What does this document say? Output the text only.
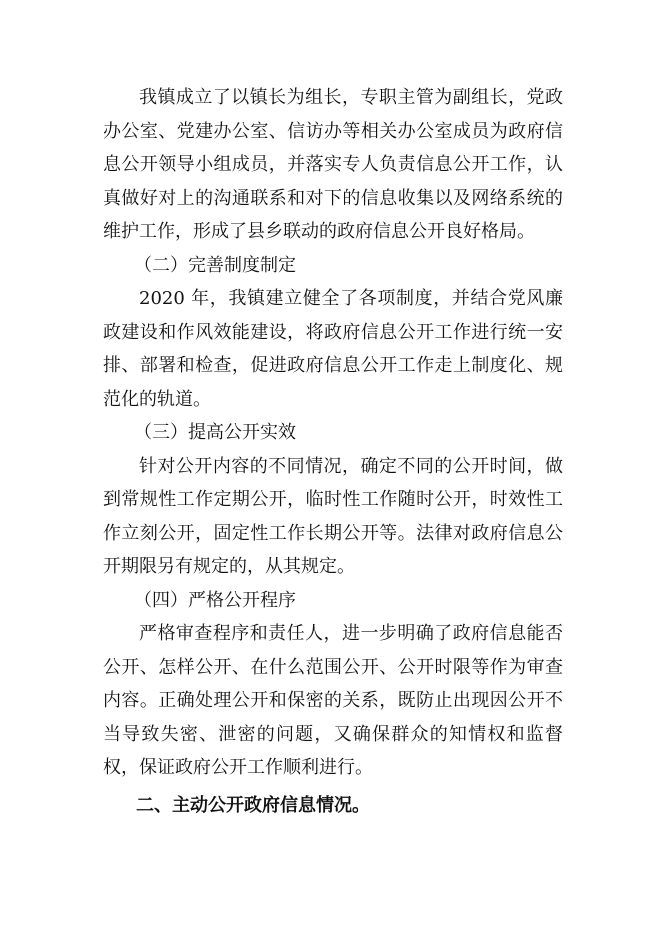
我镇成立了以镇长为组长，专职主管为副组长，党政办公室、党建办公室、信访办等相关办公室成员为政府信息公开领导小组成员，并落实专人负责信息公开工作，认真做好对上的沟通联系和对下的信息收集以及网络系统的维护工作，形成了县乡联动的政府信息公开良好格局。

（二）完善制度制定

2020 年，我镇建立健全了各项制度，并结合党风廉政建设和作风效能建设，将政府信息公开工作进行统一安排、部署和检查，促进政府信息公开工作走上制度化、规范化的轨道。

（三）提高公开实效

针对公开内容的不同情况，确定不同的公开时间，做到常规性工作定期公开，临时性工作随时公开，时效性工作立刻公开，固定性工作长期公开等。法律对政府信息公开期限另有规定的，从其规定。

（四）严格公开程序

严格审查程序和责任人，进一步明确了政府信息能否公开、怎样公开、在什么范围公开、公开时限等作为审查内容。正确处理公开和保密的关系，既防止出现因公开不当导致失密、泄密的问题，又确保群众的知情权和监督权，保证政府公开工作顺利进行。

二、主动公开政府信息情况。
